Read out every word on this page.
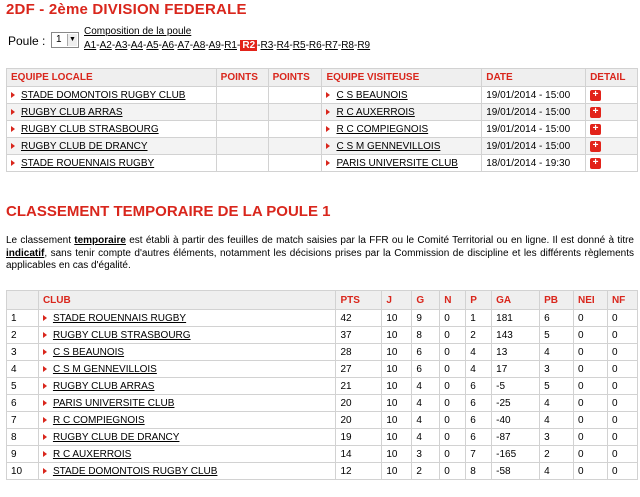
2DF - 2ème DIVISION FEDERALE
Poule : 1 ▼
Composition de la poule
A1-A2-A3-A4-A5-A6-A7-A8-A9-R1- R2 -R3-R4-R5-R6-R7-R8-R9
EQUIPE LOCALE	POINTS	POINTS	EQUIPE VISITEUSE	DATE	DETAIL
STADE DOMONTOIS RUGBY CLUB			C S BEAUNOIS	19/01/2014 - 15:00	+
RUGBY CLUB ARRAS			R C AUXERROIS	19/01/2014 - 15:00	+
RUGBY CLUB STRASBOURG			R C COMPIEGNOIS	19/01/2014 - 15:00	+
RUGBY CLUB DE DRANCY			C S M GENNEVILLOIS	19/01/2014 - 15:00	+
STADE ROUENNAIS RUGBY			PARIS UNIVERSITE CLUB	18/01/2014 - 19:30	+
CLASSEMENT TEMPORAIRE DE LA POULE 1

Le classement temporaire est établi à partir des feuilles de match saisies par la FFR ou le Comité Territorial ou en ligne. Il est donné à titre indicatif, sans tenir compte d'autres éléments, notamment les décisions prises par la Commission de discipline et les différents règlements applicables en cas d'égalité.

	CLUB	PTS	J	G	N	P	GA	PB	NEI	NF
1	STADE ROUENNAIS RUGBY	42	10	9	0	1	181	6	0	0
2	RUGBY CLUB STRASBOURG	37	10	8	0	2	143	5	0	0
3	C S BEAUNOIS	28	10	6	0	4	13	4	0	0
4	C S M GENNEVILLOIS	27	10	6	0	4	17	3	0	0
5	RUGBY CLUB ARRAS	21	10	4	0	6	-5	5	0	0
6	PARIS UNIVERSITE CLUB	20	10	4	0	6	-25	4	0	0
7	R C COMPIEGNOIS	20	10	4	0	6	-40	4	0	0
8	RUGBY CLUB DE DRANCY	19	10	4	0	6	-87	3	0	0
9	R C AUXERROIS	14	10	3	0	7	-165	2	0	0
10	STADE DOMONTOIS RUGBY CLUB	12	10	2	0	8	-58	4	0	0
